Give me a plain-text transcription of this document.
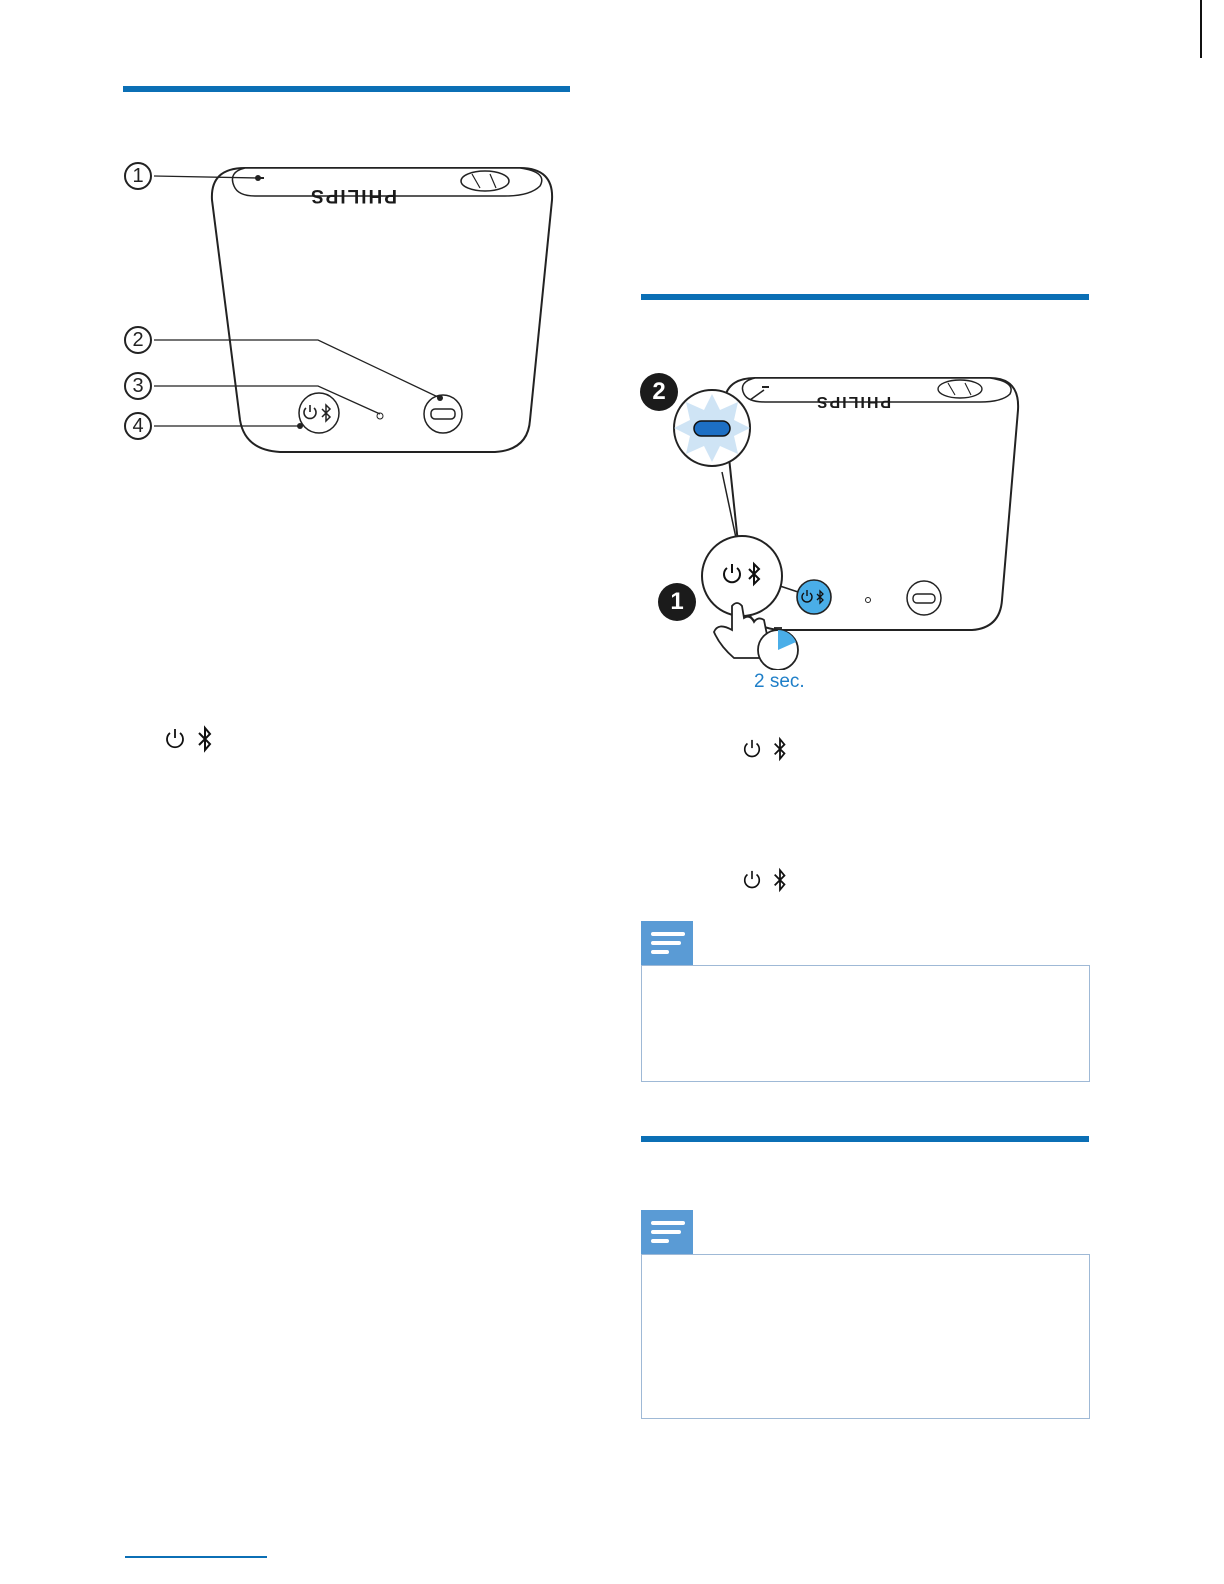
PHILIPS
1
2
3
4
PHILIPS
2 sec.
1
2
